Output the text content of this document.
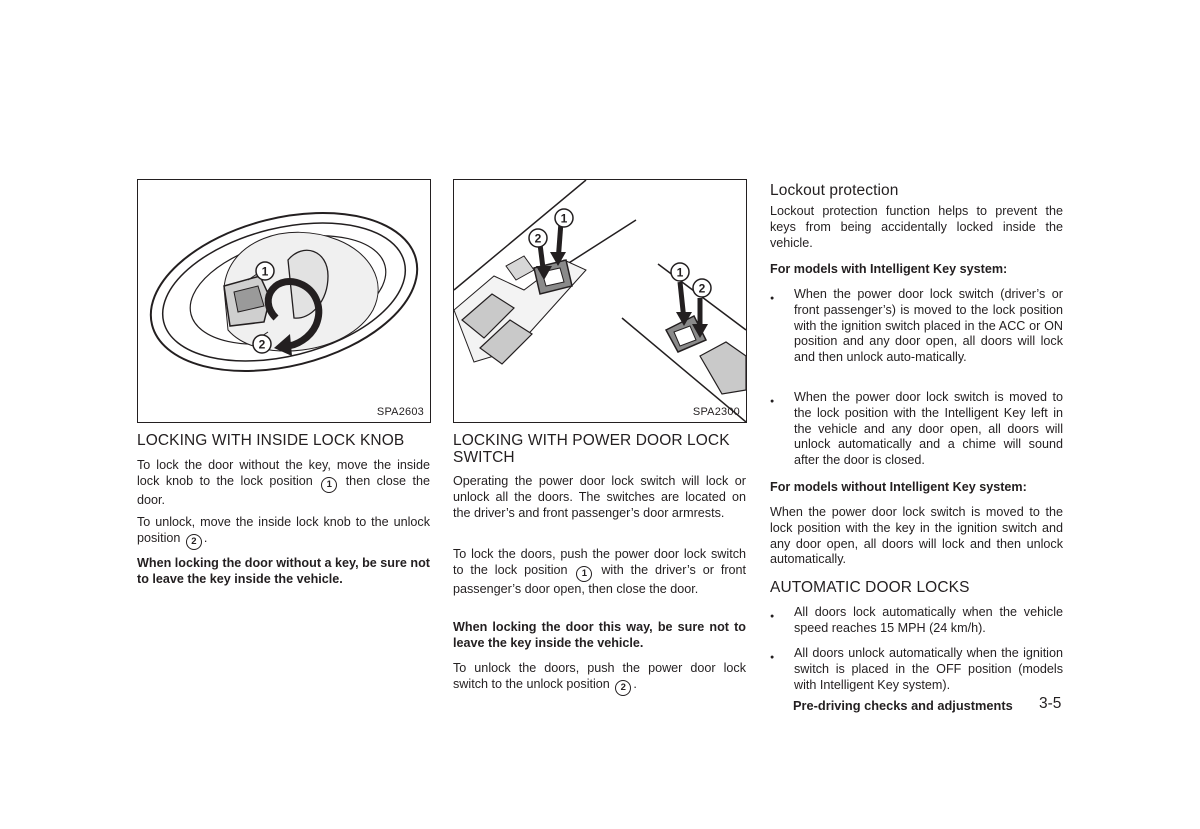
1
2
SPA2603
1
2
1
2
SPA2300
LOCKING WITH INSIDE LOCK KNOB

To lock the door without the key, move the inside lock knob to the lock position 1 then close the door.

To unlock, move the inside lock knob to the unlock position 2 .

When locking the door without a key, be sure not to leave the key inside the vehicle.

LOCKING WITH POWER DOOR LOCK SWITCH

Operating the power door lock switch will lock or unlock all the doors. The switches are located on the driver’s and front passenger’s door armrests.

To lock the doors, push the power door lock switch to the lock position 1 with the driver’s or front passenger’s door open, then close the door.

When locking the door this way, be sure not to leave the key inside the vehicle.

To unlock the doors, push the power door lock switch to the unlock position 2 .

Lockout protection

Lockout protection function helps to prevent the keys from being accidentally locked inside the vehicle.

For models with Intelligent Key system:

● When the power door lock switch (driver’s or front passenger’s) is moved to the lock position with the ignition switch placed in the ACC or ON position and any door open, all doors will lock and then unlock auto-matically.
● When the power door lock switch is moved to the lock position with the Intelligent Key left in the vehicle and any door open, all doors will unlock automatically and a chime will sound after the door is closed.

For models without Intelligent Key system:

When the power door lock switch is moved to the lock position with the key in the ignition switch and any door open, all doors will lock and then unlock automatically.

AUTOMATIC DOOR LOCKS
● All doors lock automatically when the vehicle speed reaches 15 MPH (24 km/h).
● All doors unlock automatically when the ignition switch is placed in the OFF position (models with Intelligent Key system).
Pre-driving checks and adjustments 3-5
